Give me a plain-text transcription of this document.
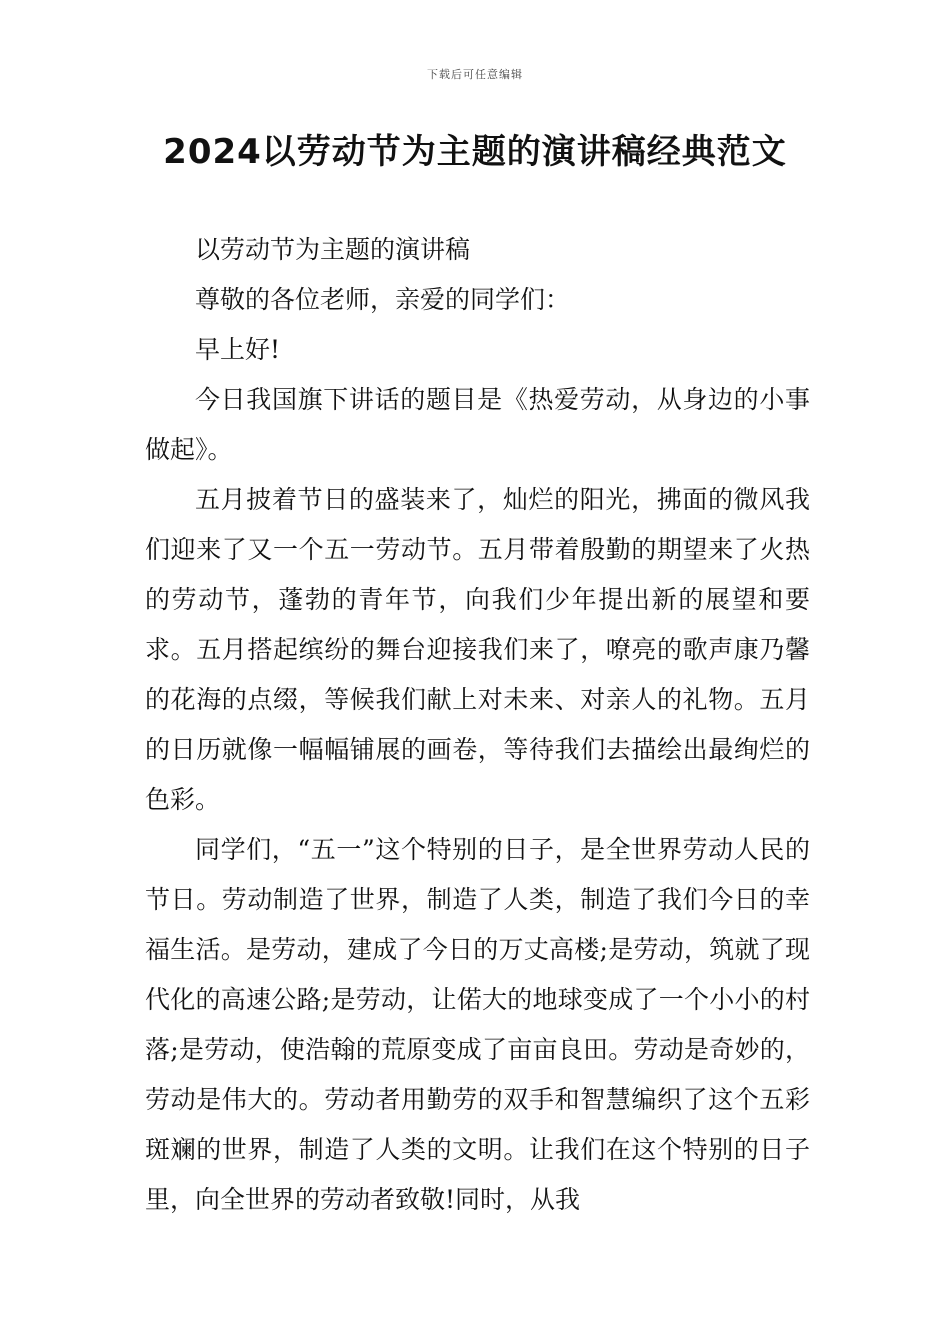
下载后可任意编辑
2024以劳动节为主题的演讲稿经典范文

以劳动节为主题的演讲稿

尊敬的各位老师，亲爱的同学们：

早上好!

今日我国旗下讲话的题目是《热爱劳动，从身边的小事做起》。

五月披着节日的盛装来了，灿烂的阳光，拂面的微风我们迎来了又一个五一劳动节。五月带着殷勤的期望来了火热的劳动节，蓬勃的青年节，向我们少年提出新的展望和要求。五月搭起缤纷的舞台迎接我们来了，嘹亮的歌声康乃馨的花海的点缀，等候我们献上对未来、对亲人的礼物。五月的日历就像一幅幅铺展的画卷，等待我们去描绘出最绚烂的色彩。

同学们，“五一”这个特别的日子，是全世界劳动人民的节日。劳动制造了世界，制造了人类，制造了我们今日的幸福生活。是劳动，建成了今日的万丈高楼;是劳动，筑就了现代化的高速公路;是劳动，让偌大的地球变成了一个小小的村落;是劳动，使浩翰的荒原变成了亩亩良田。劳动是奇妙的，劳动是伟大的。劳动者用勤劳的双手和智慧编织了这个五彩斑斓的世界，制造了人类的文明。让我们在这个特别的日子里，向全世界的劳动者致敬!同时，从我
